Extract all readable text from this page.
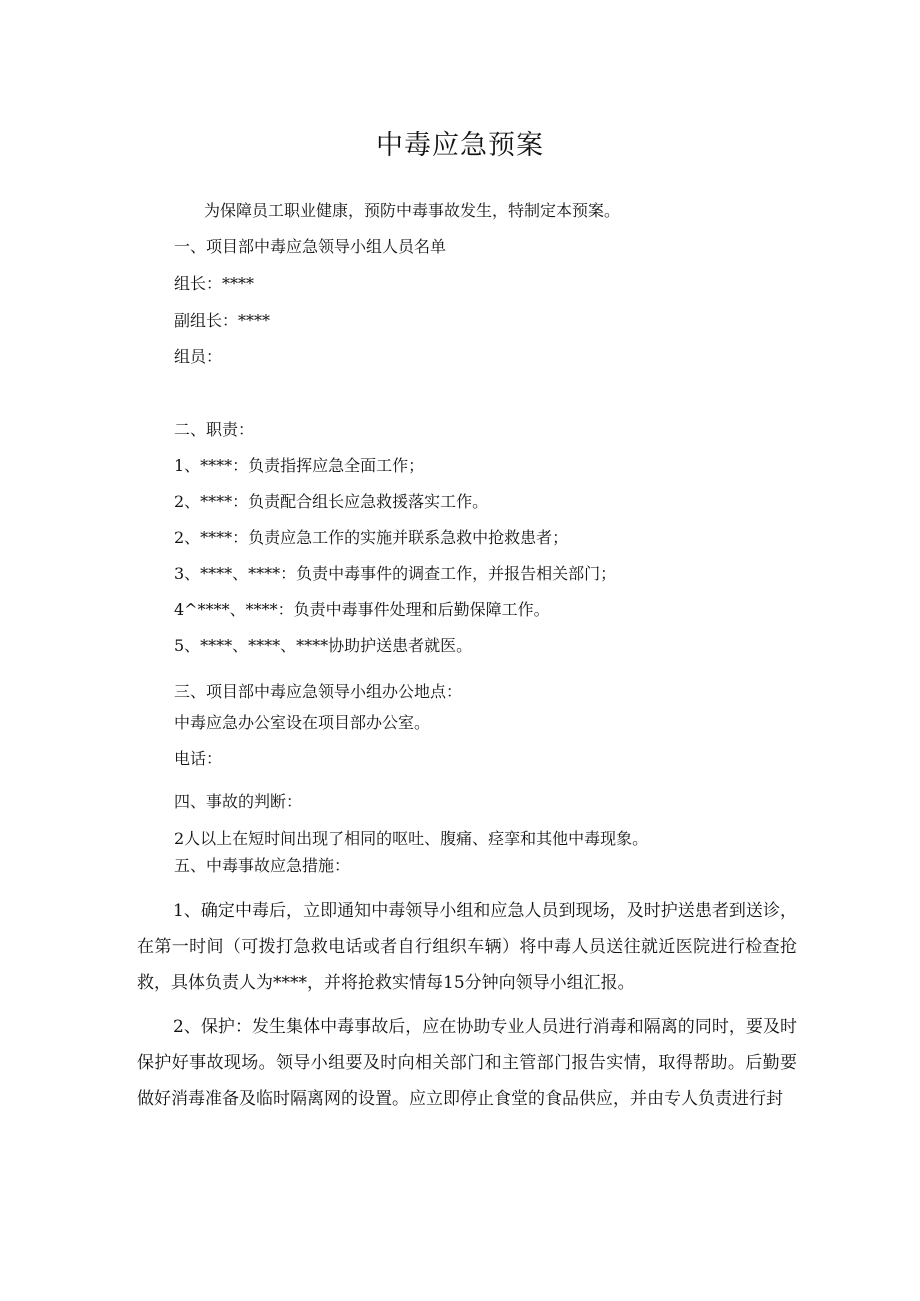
中毒应急预案
为保障员工职业健康，预防中毒事故发生，特制定本预案。
一、项目部中毒应急领导小组人员名单
组长：****
副组长：****
组员：
二、职责：
1、****：负责指挥应急全面工作；
2、****：负责配合组长应急救援落实工作。
2、****：负责应急工作的实施并联系急救中抢救患者；
3、****、****：负责中毒事件的调查工作，并报告相关部门；
4^****、****：负责中毒事件处理和后勤保障工作。
5、****、****、****协助护送患者就医。
三、项目部中毒应急领导小组办公地点：
中毒应急办公室设在项目部办公室。
电话：
四、事故的判断：
2人以上在短时间出现了相同的呕吐、腹痛、痉挛和其他中毒现象。
五、中毒事故应急措施：
1、确定中毒后，立即通知中毒领导小组和应急人员到现场，及时护送患者到送诊，在第一时间（可拨打急救电话或者自行组织车辆）将中毒人员送往就近医院进行检查抢救，具体负责人为****，并将抢救实情每15分钟向领导小组汇报。
2、保护：发生集体中毒事故后，应在协助专业人员进行消毒和隔离的同时，要及时保护好事故现场。领导小组要及时向相关部门和主管部门报告实情，取得帮助。后勤要做好消毒准备及临时隔离网的设置。应立即停止食堂的食品供应，并由专人负责进行封
